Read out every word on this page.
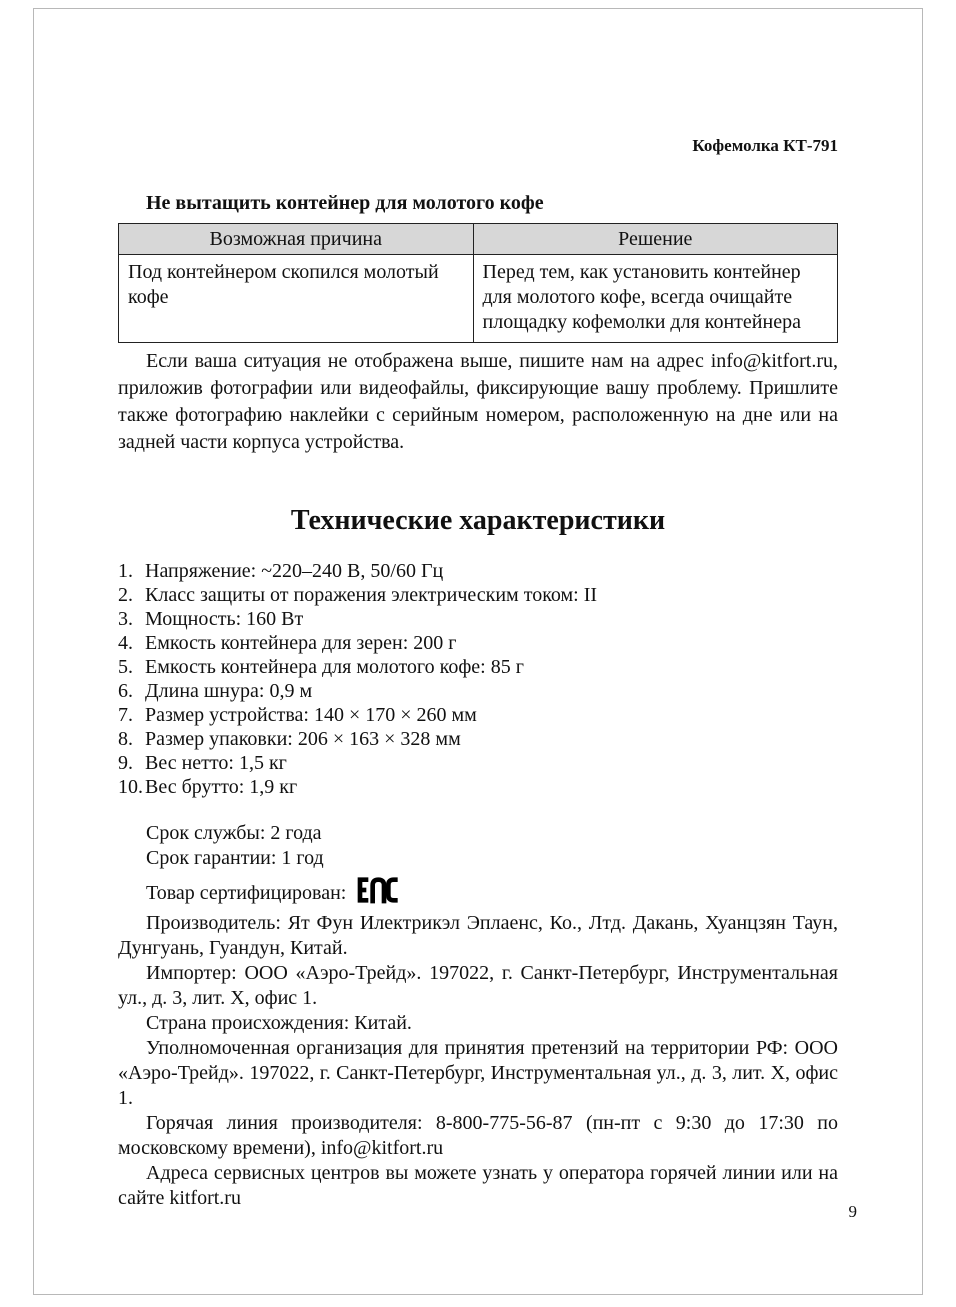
Кофемолка КТ-791
Не вытащить контейнер для молотого кофе
Возможная причина	Решение
Под контейнером скопился молотый кофе	Перед тем, как установить контейнер для молотого кофе, всегда очищайте площадку кофемолки для контейнера

Если ваша ситуация не отображена выше, пишите нам на адрес info@kitfort.ru, приложив фотографии или видеофайлы, фиксирующие вашу проблему. Пришлите также фотографию наклейки с серийным номером, расположенную на дне или на задней части корпуса устройства.

Технические характеристики
1. Напряжение: ~220–240 В, 50/60 Гц
2. Класс защиты от поражения электрическим током: II
3. Мощность: 160 Вт
4. Емкость контейнера для зерен: 200 г
5. Емкость контейнера для молотого кофе: 85 г
6. Длина шнура: 0,9 м
7. Размер устройства: 140 × 170 × 260 мм
8. Размер упаковки: 206 × 163 × 328 мм
9. Вес нетто: 1,5 кг
10. Вес брутто: 1,9 кг

Срок службы: 2 года

Срок гарантии: 1 год

Товар сертифицирован:

Производитель: Ят Фун Илектрикэл Эплаенс, Ко., Лтд. Дакань, Хуанцзян Таун, Дунгуань, Гуандун, Китай.

Импортер: ООО «Аэро-Трейд». 197022, г. Санкт-Петербург, Инструментальная ул., д. 3, лит. Х, офис 1.

Страна происхождения: Китай.

Уполномоченная организация для принятия претензий на территории РФ: ООО «Аэро-Трейд». 197022, г. Санкт-Петербург, Инструментальная ул., д. 3, лит. Х, офис 1.

Горячая линия производителя: 8-800-775-56-87 (пн-пт с 9:30 до 17:30 по московскому времени), info@kitfort.ru

Адреса сервисных центров вы можете узнать у оператора горячей линии или на сайте kitfort.ru

9
